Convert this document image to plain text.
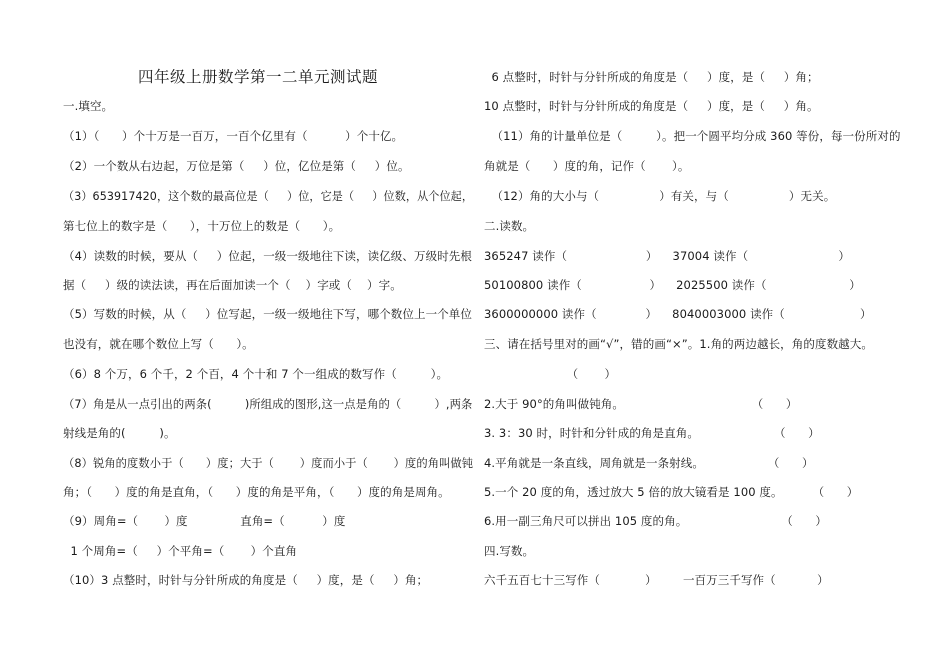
四年级上册数学第一二单元测试题
一.填空。
（1）（      ）个十万是一百万，一百个亿里有（          ）个十亿。
（2）一个数从右边起，万位是第（     ）位，亿位是第（     ）位。
（3）653917420，这个数的最高位是（     ）位，它是（     ）位数，从个位起，
第七位上的数字是（      ），十万位上的数是（      ）。
（4）读数的时候，要从（     ）位起，一级一级地往下读，读亿级、万级时先根
据（     ）级的读法读，再在后面加读一个（    ）字或（    ）字。
（5）写数的时候，从（     ）位写起，一级一级地往下写，哪个数位上一个单位
也没有，就在哪个数位上写（      ）。
（6）8 个万，6 个千，2 个百，4 个十和 7 个一组成的数写作（         ）。
（7）角是从一点引出的两条(         )所组成的图形,这一点是角的（         ）,两条
射线是角的(         )。
（8）锐角的度数小于（      ）度；大于（       ）度而小于（       ）度的角叫做钝
角；（      ）度的角是直角，（      ）度的角是平角，（      ）度的角是周角。
（9）周角=（       ）度              直角=（          ）度
1 个周角=（     ）个平角=（       ）个直角
（10）3 点整时，时针与分针所成的角度是（     ）度，是（     ）角；
6 点整时，时针与分针所成的角度是（     ）度，是（     ）角；
10 点整时，时针与分针所成的角度是（     ）度，是（     ）角。
（11）角的计量单位是（         ）。把一个圆平均分成 360 等份，每一份所对的
角就是（      ）度的角，记作（       ）。
（12）角的大小与（                ）有关，与（                ）无关。
二.读数。
365247 读作（                     ）    37004 读作（                        ）
50100800 读作（                  ）    2025500 读作（                      ）
3600000000 读作（             ）    8040003000 读作（                    ）
三、请在括号里对的画“√”，错的画“×”。1.角的两边越长，角的度数越大。
（       ）
2.大于 90°的角叫做钝角。                                  （      ）
3. 3：30 时，时针和分针成的角是直角。                    （      ）
4.平角就是一条直线，周角就是一条射线。                 （      ）
5.一个 20 度的角，透过放大 5 倍的放大镜看是 100 度。        （      ）
6.用一副三角尺可以拼出 105 度的角。                         （      ）
四.写数。
六千五百七十三写作（            ）       一百万三千写作（           ）
